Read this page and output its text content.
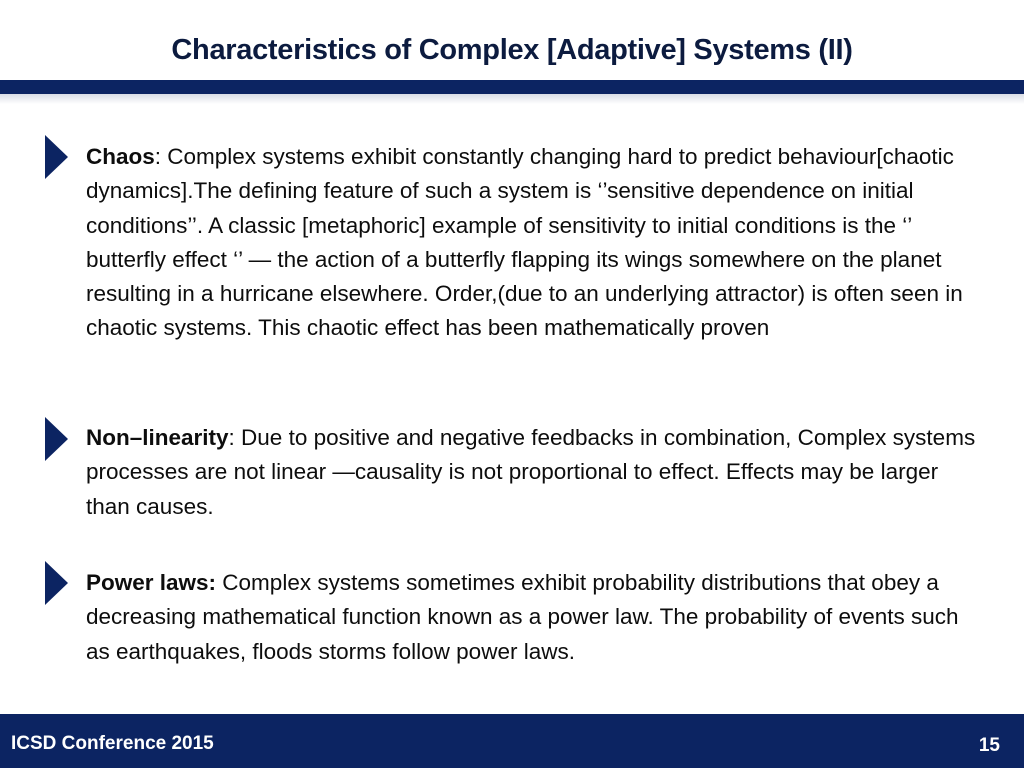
Characteristics of Complex [Adaptive] Systems (II)
Chaos: Complex systems exhibit constantly changing hard to predict behaviour[chaotic dynamics].The defining feature of such a system is ‘’sensitive dependence on initial conditions’’. A classic [metaphoric] example of sensitivity to initial conditions is the ‘’ butterfly effect ‘’ — the action of a butterfly flapping its wings somewhere on the planet resulting in a hurricane elsewhere. Order,(due to an underlying attractor) is often seen in chaotic systems. This chaotic effect has been mathematically proven
Non–linearity: Due to positive and negative feedbacks in combination, Complex systems processes are not linear —causality is not proportional to effect. Effects may be larger than causes.
Power laws: Complex systems sometimes exhibit probability distributions that obey a decreasing mathematical function known as a power law. The probability of events such as earthquakes, floods storms follow power laws.
ICSD Conference 2015	15
